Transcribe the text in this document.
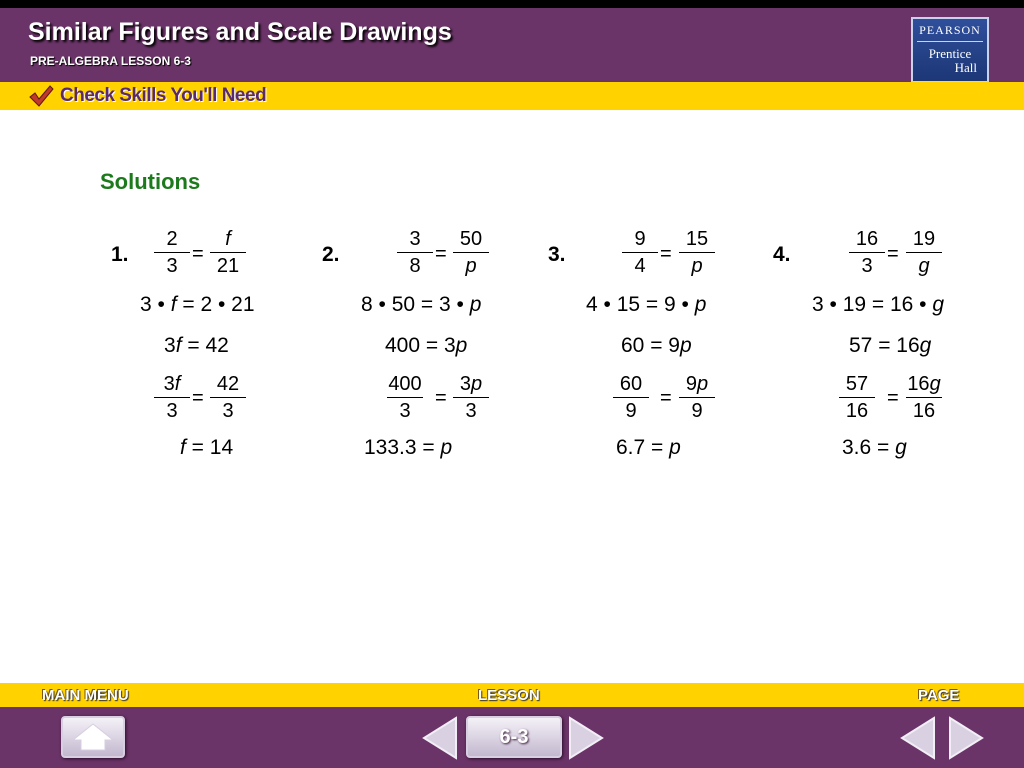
Similar Figures and Scale Drawings
PRE-ALGEBRA LESSON 6-3
PEARSON
Prentice
Hall
Check Skills You'll Need
Solutions
1. $\frac{2}{3}$
=
$\frac{f}{21}$
3 • f = 2 • 21
3f = 42
$\frac{3f}{3}$
=
$\frac{42}{3}$
f = 14
2. $\frac{3}{8}$
=
$\frac{50}{p}$
8 • 50 = 3 • p
400 = 3p
$\frac{400}{3}$ =
$\frac{3p}{3}$
133.3 = p
3. $\frac{9}{4}$
=
$\frac{15}{p}$
4 • 15 = 9 • p
60 = 9p
$\frac{60}{9}$ =
$\frac{9p}{9}$
6.7 = p
4. $\frac{16}{3}$
=
$\frac{19}{g}$
3 • 19 = 16 • g
57 = 16g
$\frac{57}{16}$ =
$\frac{16g}{16}$
3.6 = g
MAIN MENU	LESSON	PAGE
6-3
